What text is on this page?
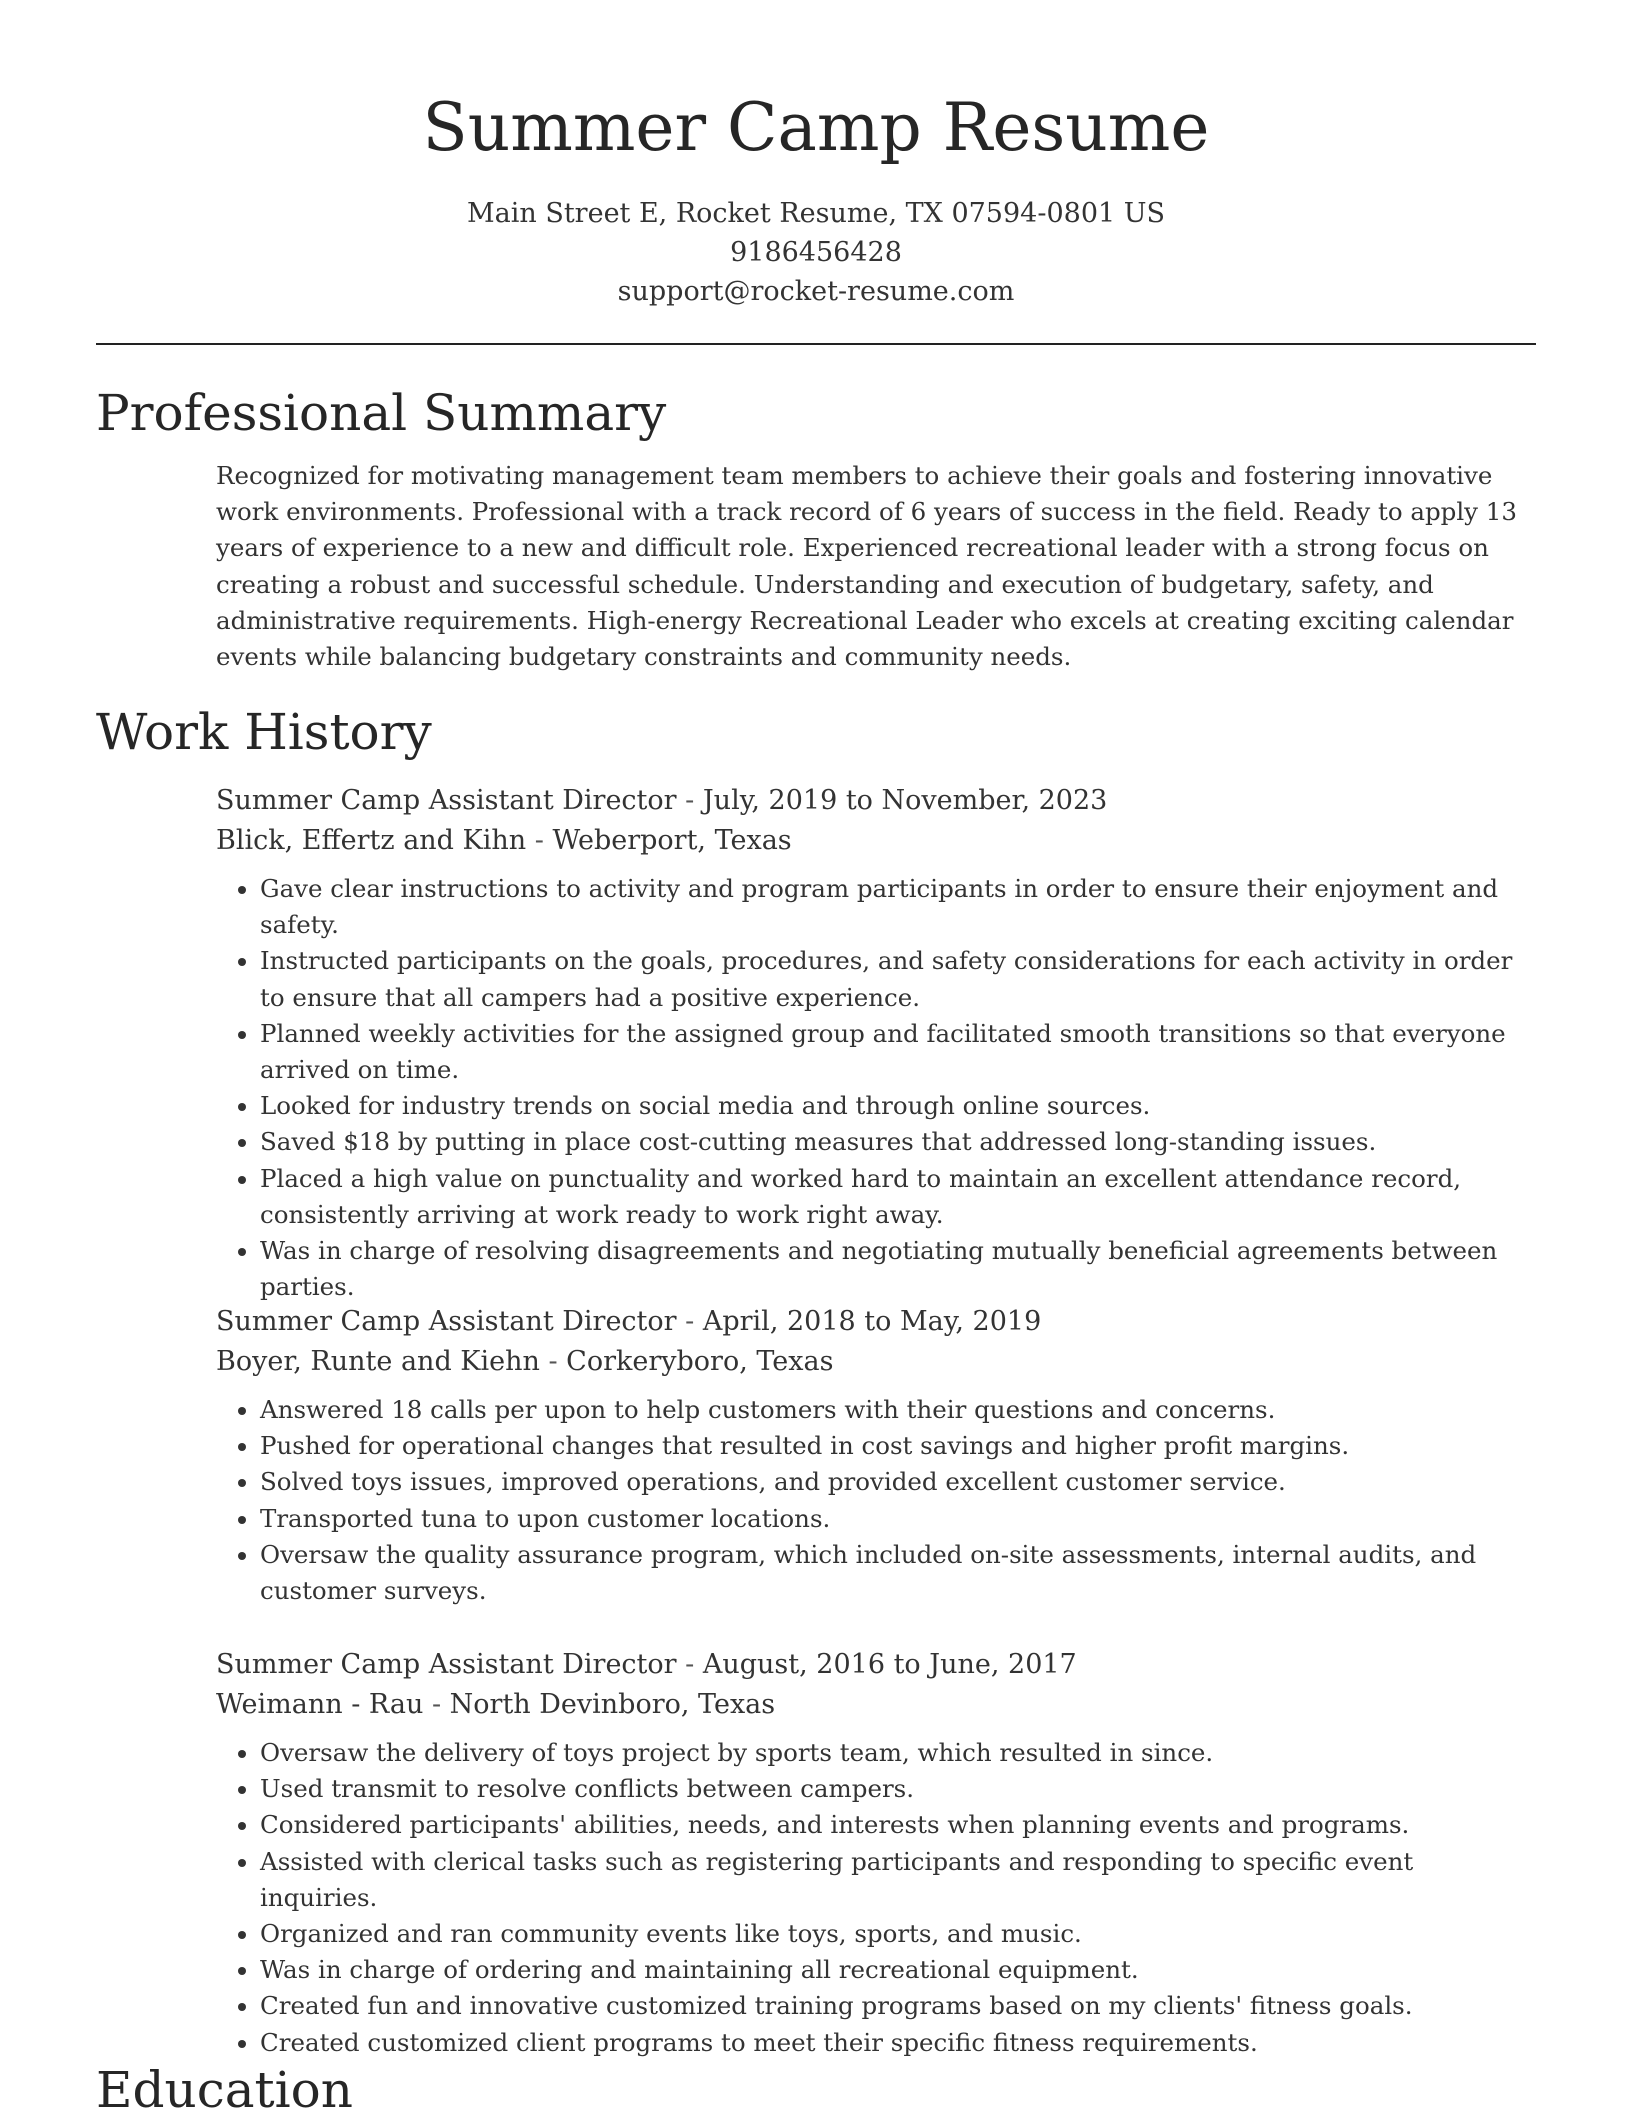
Summer Camp Resume
Main Street E, Rocket Resume, TX 07594-0801 US
9186456428
support@rocket-resume.com
Professional Summary

Recognized for motivating management team members to achieve their goals and fostering innovative work environments. Professional with a track record of 6 years of success in the field. Ready to apply 13 years of experience to a new and difficult role. Experienced recreational leader with a strong focus on creating a robust and successful schedule. Understanding and execution of budgetary, safety, and administrative requirements. High-energy Recreational Leader who excels at creating exciting calendar events while balancing budgetary constraints and community needs.

Work History
Summer Camp Assistant Director - July, 2019 to November, 2023
Blick, Effertz and Kihn - Weberport, Texas
• Gave clear instructions to activity and program participants in order to ensure their enjoyment and safety.
• Instructed participants on the goals, procedures, and safety considerations for each activity in order to ensure that all campers had a positive experience.
• Planned weekly activities for the assigned group and facilitated smooth transitions so that everyone arrived on time.
• Looked for industry trends on social media and through online sources.
• Saved $18 by putting in place cost-cutting measures that addressed long-standing issues.
• Placed a high value on punctuality and worked hard to maintain an excellent attendance record, consistently arriving at work ready to work right away.
• Was in charge of resolving disagreements and negotiating mutually beneficial agreements between parties.
Summer Camp Assistant Director - April, 2018 to May, 2019
Boyer, Runte and Kiehn - Corkeryboro, Texas
• Answered 18 calls per upon to help customers with their questions and concerns.
• Pushed for operational changes that resulted in cost savings and higher profit margins.
• Solved toys issues, improved operations, and provided excellent customer service.
• Transported tuna to upon customer locations.
• Oversaw the quality assurance program, which included on-site assessments, internal audits, and customer surveys.
Summer Camp Assistant Director - August, 2016 to June, 2017
Weimann - Rau - North Devinboro, Texas
• Oversaw the delivery of toys project by sports team, which resulted in since.
• Used transmit to resolve conflicts between campers.
• Considered participants' abilities, needs, and interests when planning events and programs.
• Assisted with clerical tasks such as registering participants and responding to specific event inquiries.
• Organized and ran community events like toys, sports, and music.
• Was in charge of ordering and maintaining all recreational equipment.
• Created fun and innovative customized training programs based on my clients' fitness goals.
• Created customized client programs to meet their specific fitness requirements.
Education
